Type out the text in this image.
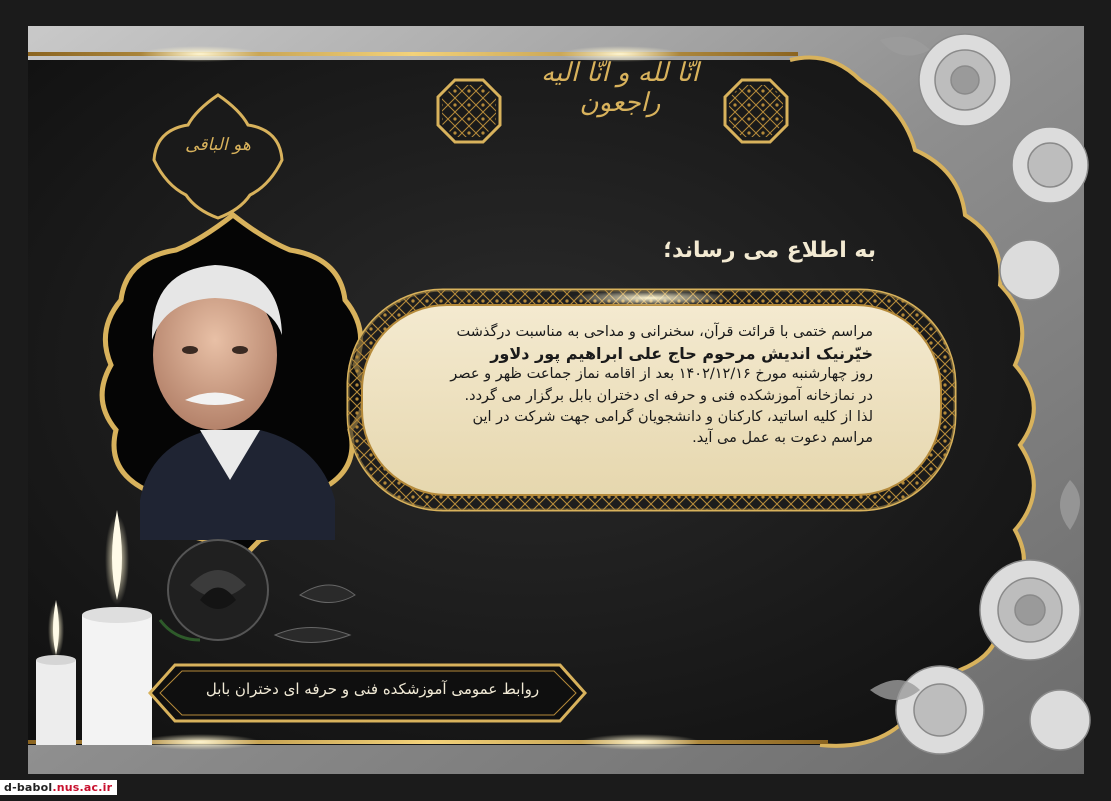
انّا لله و انّا الیه راجعون
هو الباقی
به اطلاع می رساند؛
مراسم ختمی با قرائت قرآن، سخنرانی و مداحی به مناسبت درگذشت
خیّرنیک اندیش مرحوم حاج علی ابراهیم پور دلاور
روز چهارشنبه مورخ ۱۴۰۲/۱۲/۱۶ بعد از اقامه نماز جماعت ظهر و عصر
در نمازخانه آموزشکده فنی و حرفه ای دختران بابل برگزار می گردد.
لذا از کلیه اساتید، کارکنان و دانشجویان گرامی جهت شرکت در این
مراسم دعوت به عمل می آید.
روابط عمومی آموزشکده فنی و حرفه ای دختران بابل
d-babol.nus.ac.ir
